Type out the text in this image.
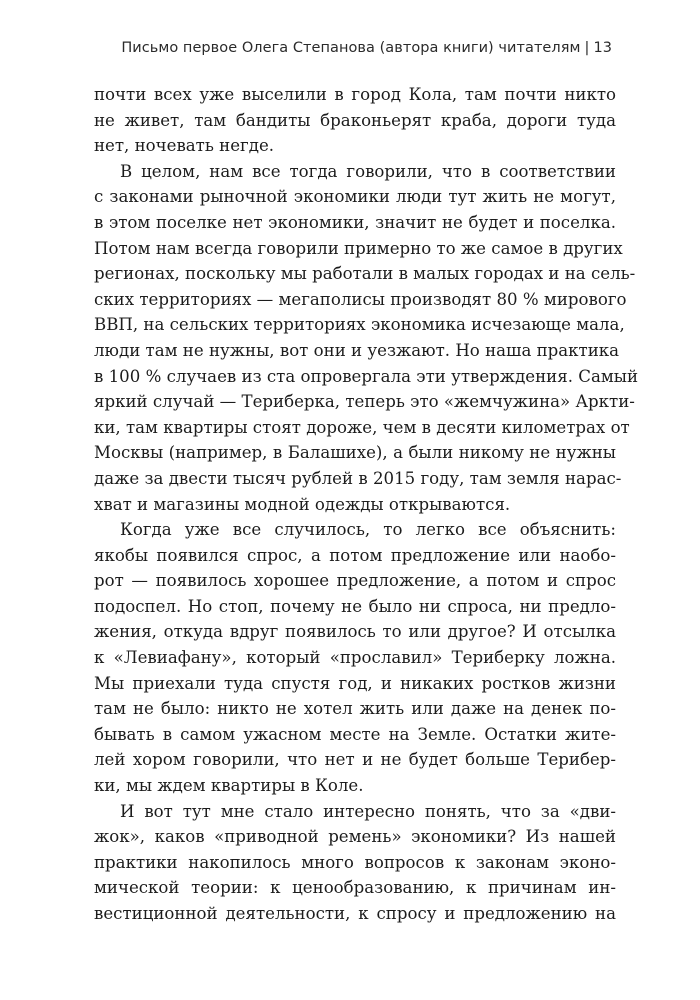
Письмо первое Олега Степанова (автора книги) читателям | 13
почти всех уже выселили в город Кола, там почти никто
не живет, там бандиты браконьерят краба, дороги туда
нет, ночевать негде.
В целом, нам все тогда говорили, что в соответствии
с законами рыночной экономики люди тут жить не могут,
в этом поселке нет экономики, значит не будет и поселка.
Потом нам всегда говорили примерно то же самое в других
регионах, поскольку мы работали в малых городах и на сель-
ских территориях — мегаполисы производят 80 % мирового
ВВП, на сельских территориях экономика исчезающе мала,
люди там не нужны, вот они и уезжают. Но наша практика
в 100 % случаев из ста опровергала эти утверждения. Самый
яркий случай — Териберка, теперь это «жемчужина» Аркти-
ки, там квартиры стоят дороже, чем в десяти километрах от
Москвы (например, в Балашихе), а были никому не нужны
даже за двести тысяч рублей в 2015 году, там земля нарас-
хват и магазины модной одежды открываются.
Когда уже все случилось, то легко все объяснить:
якобы появился спрос, а потом предложение или наобо-
рот — появилось хорошее предложение, а потом и спрос
подоспел. Но стоп, почему не было ни спроса, ни предло-
жения, откуда вдруг появилось то или другое? И отсылка
к «Левиафану», который «прославил» Териберку ложна.
Мы приехали туда спустя год, и никаких ростков жизни
там не было: никто не хотел жить или даже на денек по-
бывать в самом ужасном месте на Земле. Остатки жите-
лей хором говорили, что нет и не будет больше Терибер-
ки, мы ждем квартиры в Коле.
И вот тут мне стало интересно понять, что за «дви-
жок», каков «приводной ремень» экономики? Из нашей
практики накопилось много вопросов к законам эконо-
мической теории: к ценообразованию, к причинам ин-
вестиционной деятельности, к спросу и предложению на
